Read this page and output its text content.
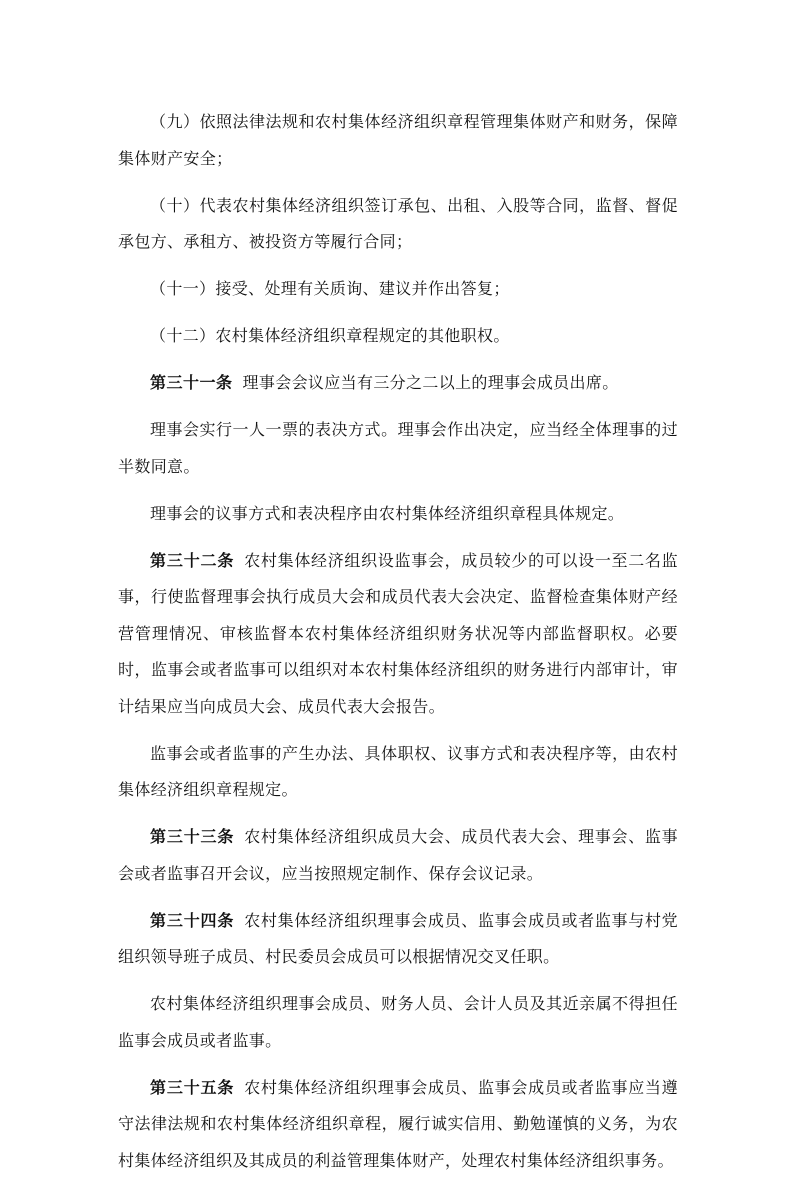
（九）依照法律法规和农村集体经济组织章程管理集体财产和财务，保障集体财产安全；

（十）代表农村集体经济组织签订承包、出租、入股等合同，监督、督促承包方、承租方、被投资方等履行合同；

（十一）接受、处理有关质询、建议并作出答复；

（十二）农村集体经济组织章程规定的其他职权。

第三十一条 理事会会议应当有三分之二以上的理事会成员出席。

理事会实行一人一票的表决方式。理事会作出决定，应当经全体理事的过半数同意。

理事会的议事方式和表决程序由农村集体经济组织章程具体规定。

第三十二条 农村集体经济组织设监事会，成员较少的可以设一至二名监事，行使监督理事会执行成员大会和成员代表大会决定、监督检查集体财产经营管理情况、审核监督本农村集体经济组织财务状况等内部监督职权。必要时，监事会或者监事可以组织对本农村集体经济组织的财务进行内部审计，审计结果应当向成员大会、成员代表大会报告。

监事会或者监事的产生办法、具体职权、议事方式和表决程序等，由农村集体经济组织章程规定。

第三十三条 农村集体经济组织成员大会、成员代表大会、理事会、监事会或者监事召开会议，应当按照规定制作、保存会议记录。

第三十四条 农村集体经济组织理事会成员、监事会成员或者监事与村党组织领导班子成员、村民委员会成员可以根据情况交叉任职。

农村集体经济组织理事会成员、财务人员、会计人员及其近亲属不得担任监事会成员或者监事。

第三十五条 农村集体经济组织理事会成员、监事会成员或者监事应当遵守法律法规和农村集体经济组织章程，履行诚实信用、勤勉谨慎的义务，为农村集体经济组织及其成员的利益管理集体财产，处理农村集体经济组织事务。
